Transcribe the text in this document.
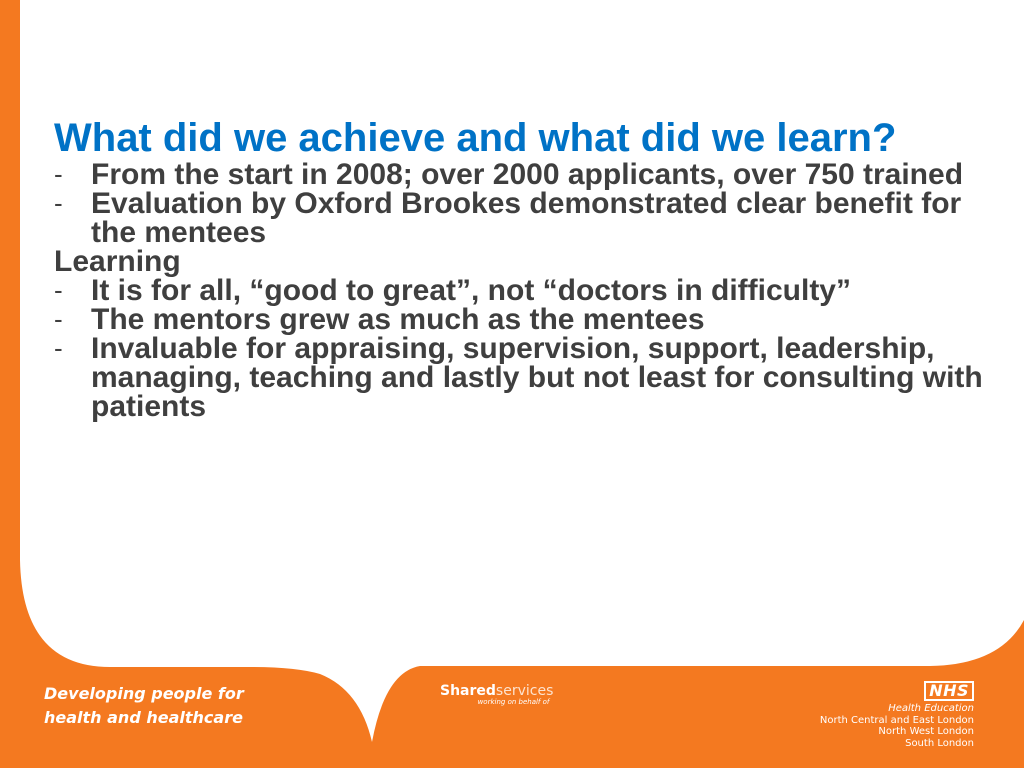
What did we achieve and what did we learn?
- From the start in 2008; over 2000 applicants, over 750 trained
- Evaluation by Oxford Brookes demonstrated clear benefit for the mentees

Learning

- It is for all, “good to great”, not “doctors in difficulty”
- The mentors grew as much as the mentees
- Invaluable for appraising, supervision, support, leadership, managing, teaching and lastly but not least for consulting with patients
Developing people for
health and healthcare
Sharedservices
working on behalf of
NHS
Health Education
North Central and East London
North West London
South London
